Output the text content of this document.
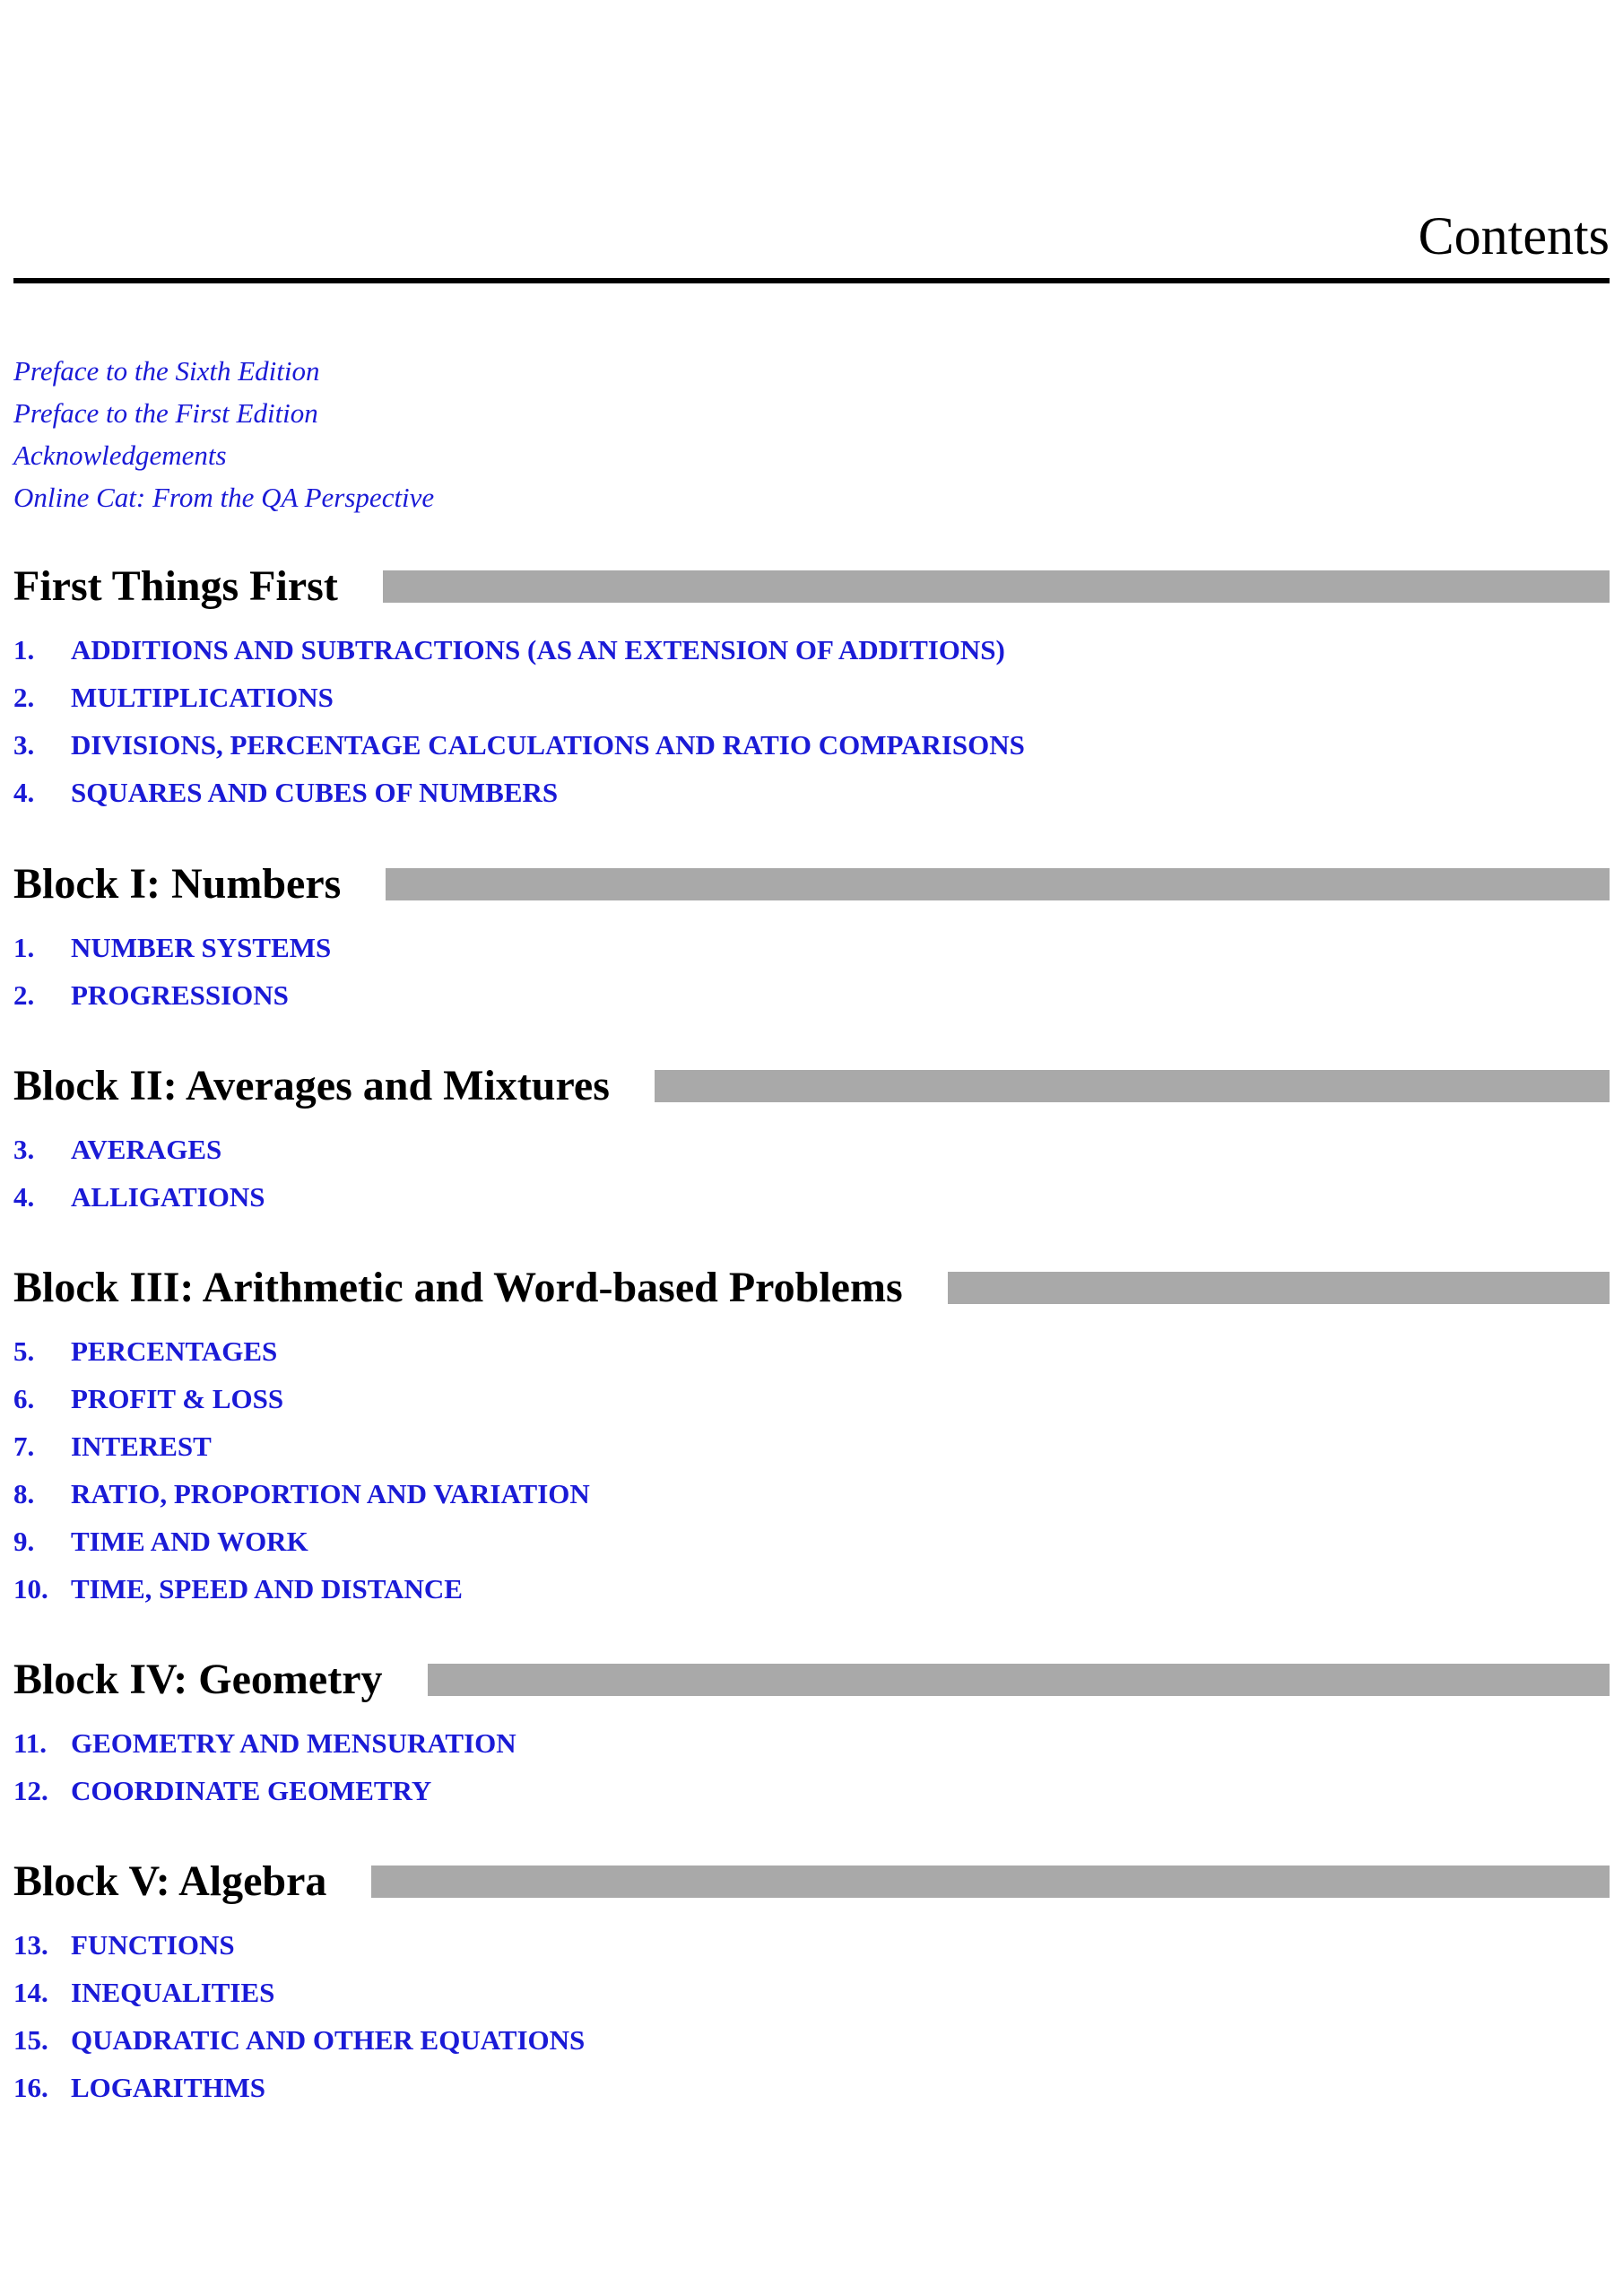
Contents
Preface to the Sixth Edition
Preface to the First Edition
Acknowledgements
Online Cat: From the QA Perspective
First Things First
1.	ADDITIONS AND SUBTRACTIONS (AS AN EXTENSION OF ADDITIONS)
2.	MULTIPLICATIONS
3.	DIVISIONS, PERCENTAGE CALCULATIONS AND RATIO COMPARISONS
4.	SQUARES AND CUBES OF NUMBERS
Block I: Numbers
1.	NUMBER SYSTEMS
2.	PROGRESSIONS
Block II: Averages and Mixtures
3.	AVERAGES
4.	ALLIGATIONS
Block III: Arithmetic and Word-based Problems
5.	PERCENTAGES
6.	PROFIT & LOSS
7.	INTEREST
8.	RATIO, PROPORTION AND VARIATION
9.	TIME AND WORK
10. TIME, SPEED AND DISTANCE
Block IV: Geometry
11. GEOMETRY AND MENSURATION
12. COORDINATE GEOMETRY
Block V: Algebra
13. FUNCTIONS
14. INEQUALITIES
15. QUADRATIC AND OTHER EQUATIONS
16. LOGARITHMS
